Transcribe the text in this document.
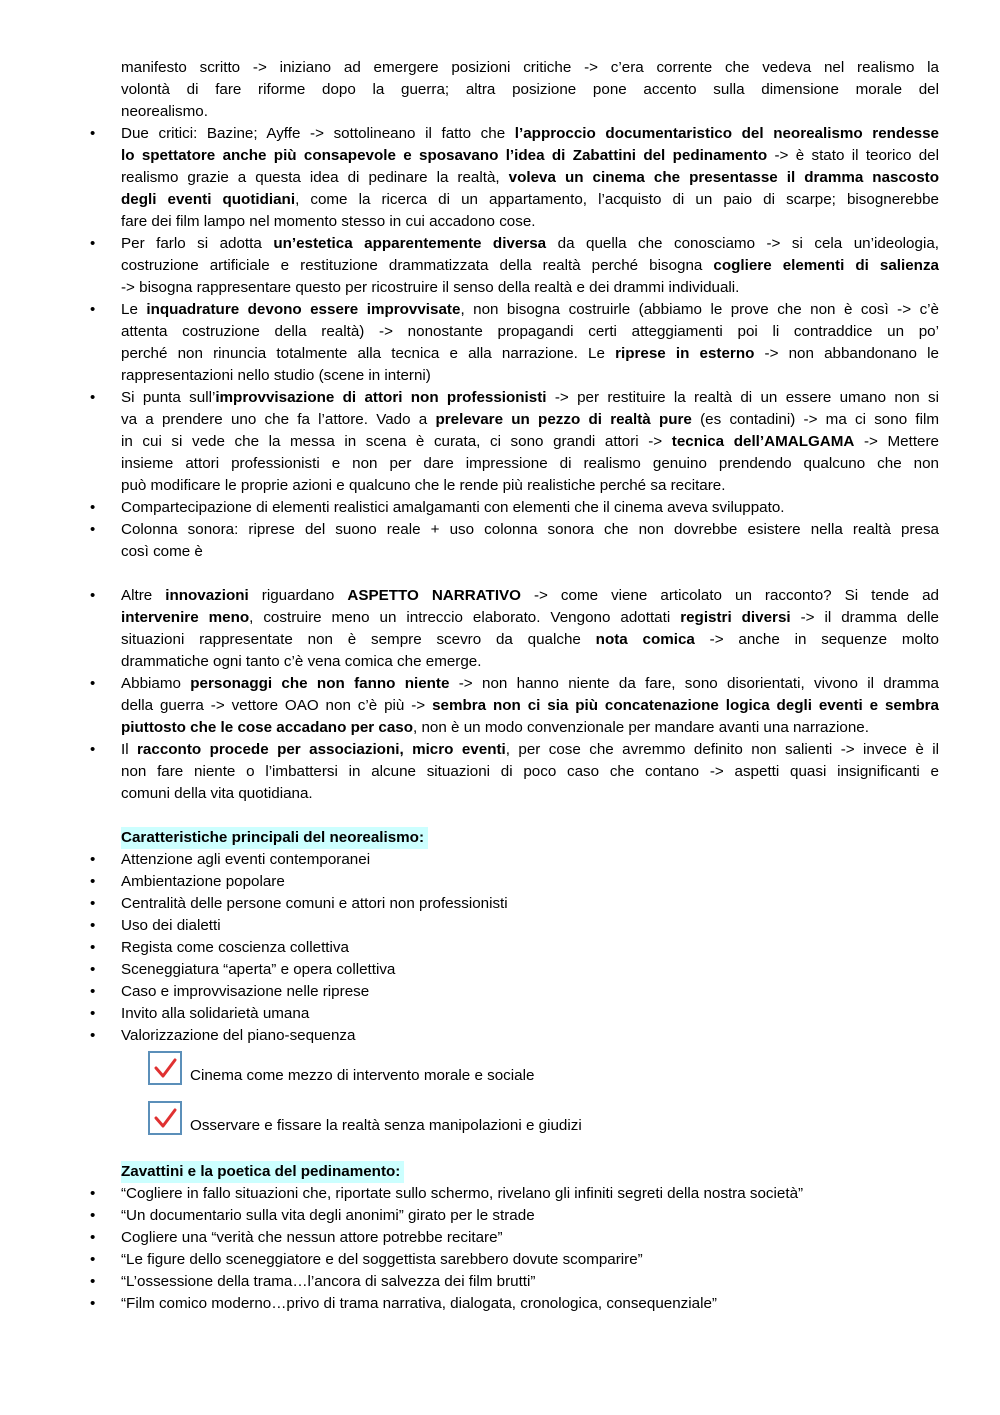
manifesto scritto -> iniziano ad emergere posizioni critiche -> c’era corrente che vedeva nel realismo la
volontà di fare riforme dopo la guerra; altra posizione pone accento sulla dimensione morale del
neorealismo.
• Due critici: Bazine; Ayffe -> sottolineano il fatto che l’approccio documentaristico del neorealismo rendesse
lo spettatore anche più consapevole e sposavano l’idea di Zabattini del pedinamento -> è stato il teorico del
realismo grazie a questa idea di pedinare la realtà, voleva un cinema che presentasse il dramma nascosto
degli eventi quotidiani, come la ricerca di un appartamento, l’acquisto di un paio di scarpe; bisognerebbe
fare dei film lampo nel momento stesso in cui accadono cose.
• Per farlo si adotta un’estetica apparentemente diversa da quella che conosciamo -> si cela un’ideologia,
costruzione artificiale e restituzione drammatizzata della realtà perché bisogna cogliere elementi di salienza
-> bisogna rappresentare questo per ricostruire il senso della realtà e dei drammi individuali.
• Le inquadrature devono essere improvvisate, non bisogna costruirle (abbiamo le prove che non è così -> c’è
attenta costruzione della realtà) -> nonostante propagandi certi atteggiamenti poi li contraddice un po’
perché non rinuncia totalmente alla tecnica e alla narrazione. Le riprese in esterno -> non abbandonano le
rappresentazioni nello studio (scene in interni)
• Si punta sull’improvvisazione di attori non professionisti -> per restituire la realtà di un essere umano non si
va a prendere uno che fa l’attore. Vado a prelevare un pezzo di realtà pure (es contadini) -> ma ci sono film
in cui si vede che la messa in scena è curata, ci sono grandi attori -> tecnica dell’AMALGAMA -> Mettere
insieme attori professionisti e non per dare impressione di realismo genuino prendendo qualcuno che non
può modificare le proprie azioni e qualcuno che le rende più realistiche perché sa recitare.
• Compartecipazione di elementi realistici amalgamanti con elementi che il cinema aveva sviluppato.
• Colonna sonora: riprese del suono reale + uso colonna sonora che non dovrebbe esistere nella realtà presa
così come è
• Altre innovazioni riguardano ASPETTO NARRATIVO -> come viene articolato un racconto? Si tende ad
intervenire meno, costruire meno un intreccio elaborato. Vengono adottati registri diversi -> il dramma delle
situazioni rappresentate non è sempre scevro da qualche nota comica -> anche in sequenze molto
drammatiche ogni tanto c’è vena comica che emerge.
• Abbiamo personaggi che non fanno niente -> non hanno niente da fare, sono disorientati, vivono il dramma
della guerra -> vettore OAO non c’è più -> sembra non ci sia più concatenazione logica degli eventi e sembra
piuttosto che le cose accadano per caso, non è un modo convenzionale per mandare avanti una narrazione.
• Il racconto procede per associazioni, micro eventi, per cose che avremmo definito non salienti -> invece è il
non fare niente o l’imbattersi in alcune situazioni di poco caso che contano -> aspetti quasi insignificanti e
comuni della vita quotidiana.
Caratteristiche principali del neorealismo:
• Attenzione agli eventi contemporanei
• Ambientazione popolare
• Centralità delle persone comuni e attori non professionisti
• Uso dei dialetti
• Regista come coscienza collettiva
• Sceneggiatura “aperta” e opera collettiva
• Caso e improvvisazione nelle riprese
• Invito alla solidarietà umana
• Valorizzazione del piano-sequenza
Cinema come mezzo di intervento morale e sociale
Osservare e fissare la realtà senza manipolazioni e giudizi
Zavattini e la poetica del pedinamento:
• “Cogliere in fallo situazioni che, riportate sullo schermo, rivelano gli infiniti segreti della nostra società”
• “Un documentario sulla vita degli anonimi” girato per le strade
• Cogliere una “verità che nessun attore potrebbe recitare”
• “Le figure dello sceneggiatore e del soggettista sarebbero dovute scomparire”
• “L’ossessione della trama…l’ancora di salvezza dei film brutti”
• “Film comico moderno…privo di trama narrativa, dialogata, cronologica, consequenziale”
